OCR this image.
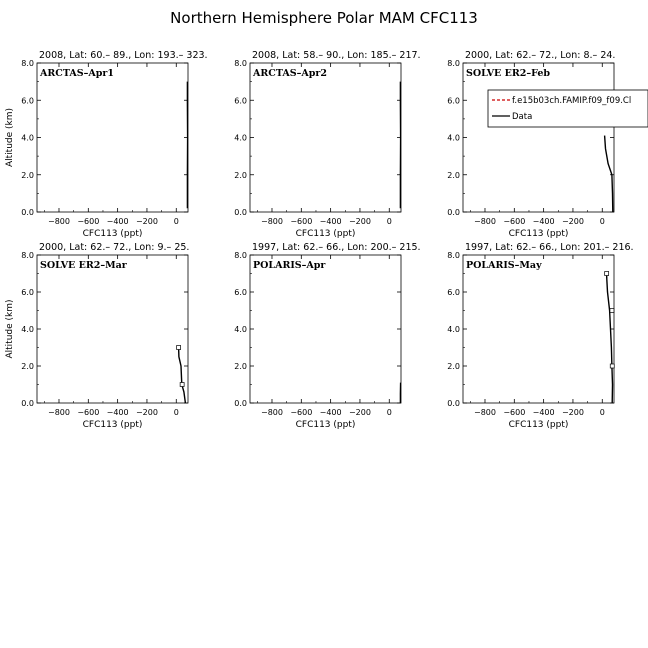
Northern Hemisphere Polar MAM CFC113
2008, Lat: 60.– 89., Lon: 193.– 323.
−800 −600 −400 −200 0
0.0
2.0
4.0
6.0
8.0
CFC113 (ppt)
Altitude (km)
ARCTAS–Apr1
2008, Lat: 58.– 90., Lon: 185.– 217.
−800 −600 −400 −200 0
0.0
2.0
4.0
6.0
8.0
CFC113 (ppt)
ARCTAS–Apr2
2000, Lat: 62.– 72., Lon: 8.– 24.
−800 −600 −400 −200 0
0.0
2.0
4.0
6.0
8.0
CFC113 (ppt)
SOLVE ER2–Feb
f.e15b03ch.FAMIP.f09_f09.Cl
Data
2000, Lat: 62.– 72., Lon: 9.– 25.
−800 −600 −400 −200 0
0.0
2.0
4.0
6.0
8.0
CFC113 (ppt)
Altitude (km)
SOLVE ER2–Mar
1997, Lat: 62.– 66., Lon: 200.– 215.
−800 −600 −400 −200 0
0.0
2.0
4.0
6.0
8.0
CFC113 (ppt)
POLARIS–Apr
1997, Lat: 62.– 66., Lon: 201.– 216.
−800 −600 −400 −200 0
0.0
2.0
4.0
6.0
8.0
CFC113 (ppt)
POLARIS–May
